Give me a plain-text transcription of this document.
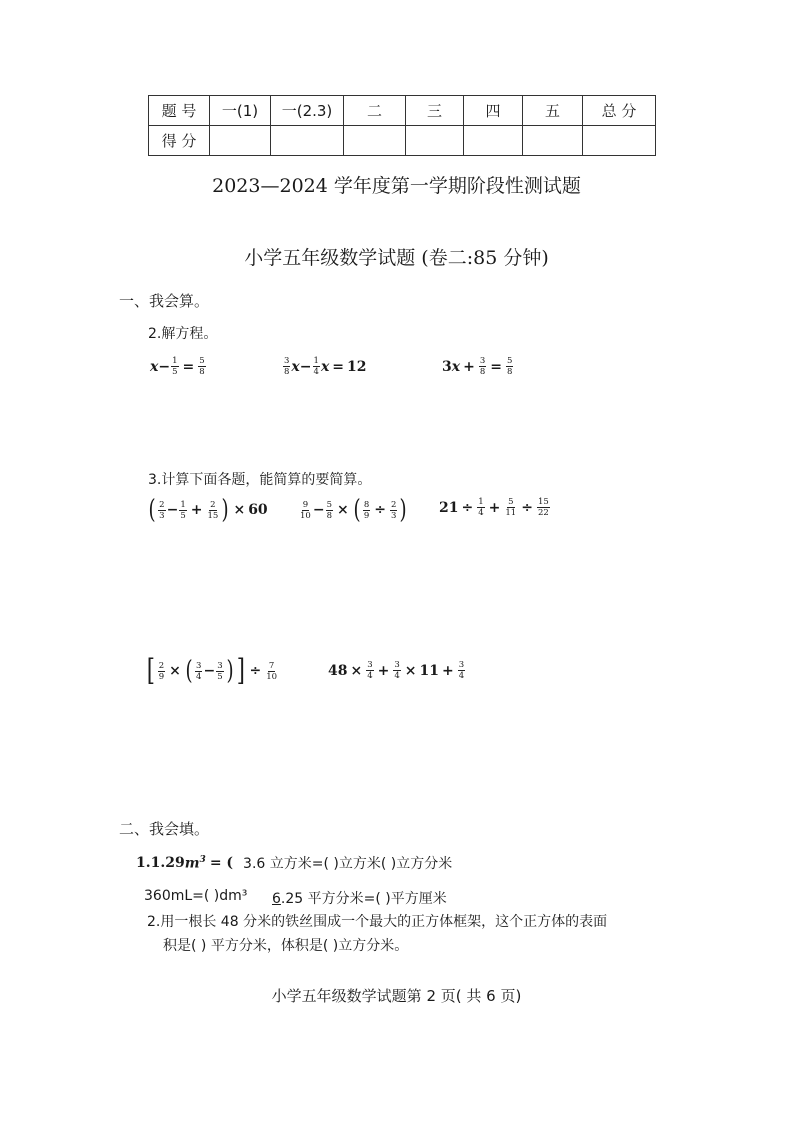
题 号	一(1)	一(2.3)	二	三	四	五	总 分
得 分							
2023—2024 学年度第一学期阶段性测试题
小学五年级数学试题 (卷二:85 分钟)
一、我会算。
2.解方程。
$x - \frac{1}{5} = \frac{5}{8}$	$\frac{3}{8}$ $x - \frac{1}{4}$ x = 12	3 $x + \frac{3}{8} = \frac{5}{8}$
3.计算下面各题，能简算的要简算。
( $\frac{2}{3} - \frac{1}{5} + \frac{2}{15}$ ) × 60	$\frac{9}{10} - \frac{5}{8}$ × ( $\frac{8}{9} \div \frac{2}{3}$ ) $21 \div \frac{1}{4} + \frac{5}{11} \div \frac{15}{22}$
[ $\frac{2}{9}$ × ( $\frac{3}{4} - \frac{3}{5}$ ) ] ÷ $\frac{7}{10}$	$48 \times \frac{3}{4} + \frac{3}{4} \times 11 + \frac{3}{4}$
二、我会填。
1.1.29 $m^3$ = ( 3.6 立方米=( )立方米( )立方分米
360mL=( )dm³ 6.25 平方分米=( )平方厘米
2.用一根长 48 分米的铁丝围成一个最大的正方体框架，这个正方体的表面
积是( ) 平方分米，体积是( )立方分米。
小学五年级数学试题第 2 页( 共 6 页)
